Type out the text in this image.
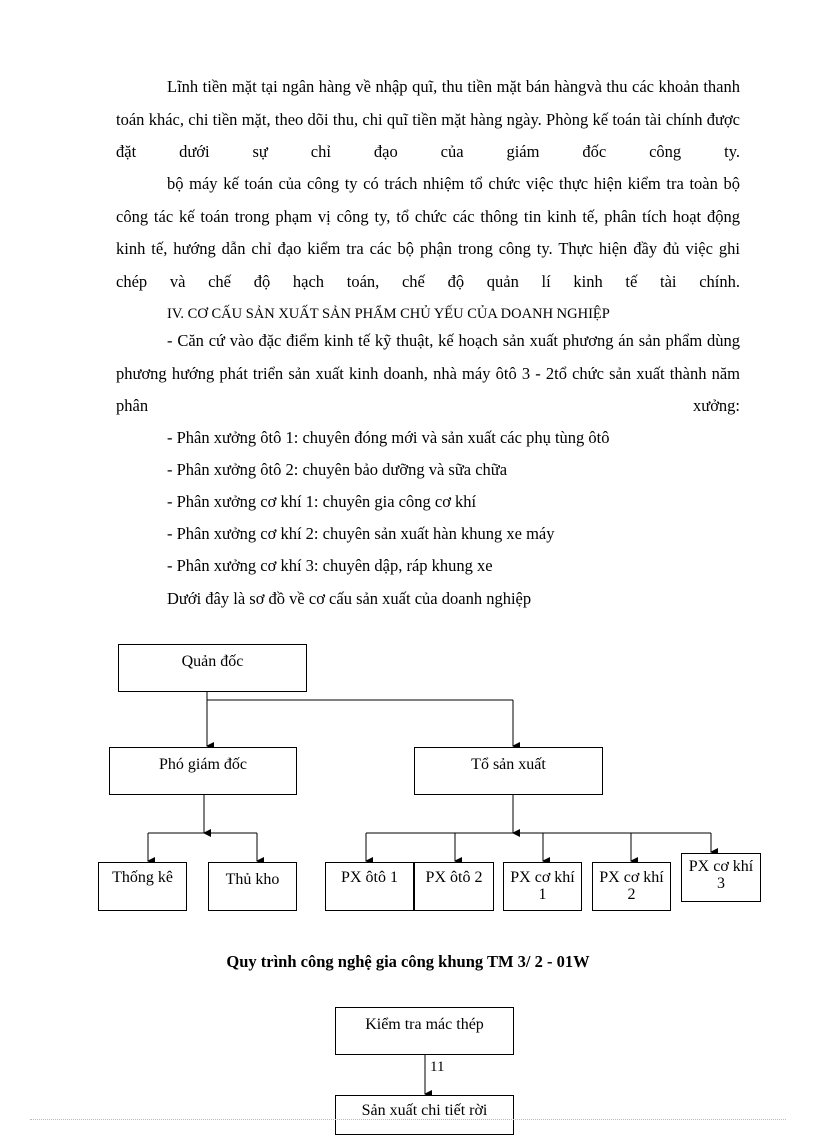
Lĩnh tiền mặt tại ngân hàng về nhập quĩ, thu tiền mặt bán hàngvà thu các khoản thanh toán khác, chi tiền mặt, theo dõi thu, chi quĩ tiền mặt hàng ngày. Phòng kế toán tài chính được đặt dưới sự chỉ đạo của giám đốc công ty.

bộ máy kế toán của công ty có trách nhiệm tổ chức việc thực hiện kiểm tra toàn bộ công tác kế toán trong phạm vị công ty, tổ chức các thông tin kinh tế, phân tích hoạt động kinh tế, hướng dẫn chỉ đạo kiểm tra các bộ phận trong công ty. Thực hiện đầy đủ việc ghi chép và chế độ hạch toán, chế độ quản lí kinh tế tài chính.

IV. CƠ CẤU SẢN XUẤT SẢN PHẨM CHỦ YẾU CỦA DOANH NGHIỆP

- Căn cứ vào đặc điểm kinh tế kỹ thuật, kế hoạch sản xuất phương án sản phẩm dùng phương hướng phát triển sản xuất kinh doanh, nhà máy ôtô 3 - 2tổ chức sản xuất thành năm phân xưởng:

- Phân xưởng ôtô 1: chuyên đóng mới và sản xuất các phụ tùng ôtô

- Phân xưởng ôtô 2: chuyên bảo dưỡng và sữa chữa

- Phân xưởng cơ khí 1: chuyên gia công cơ khí

- Phân xưởng cơ khí 2: chuyên sản xuất hàn khung xe máy

- Phân xưởng cơ khí 3: chuyên dập, ráp khung xe

Dưới đây là sơ đồ về cơ cấu sản xuất của doanh nghiệp

Quản đốc
Phó giám đốc	Tổ sản xuất
Thống kê	Thủ kho	PX ôtô 1	PX ôtô 2	PX cơ khí 1
PX cơ khí 2
PX cơ khí 3

Quy trình công nghệ gia công khung TM 3/ 2 - 01W

Kiểm tra mác thép
11
Sản xuất chi tiết rời
